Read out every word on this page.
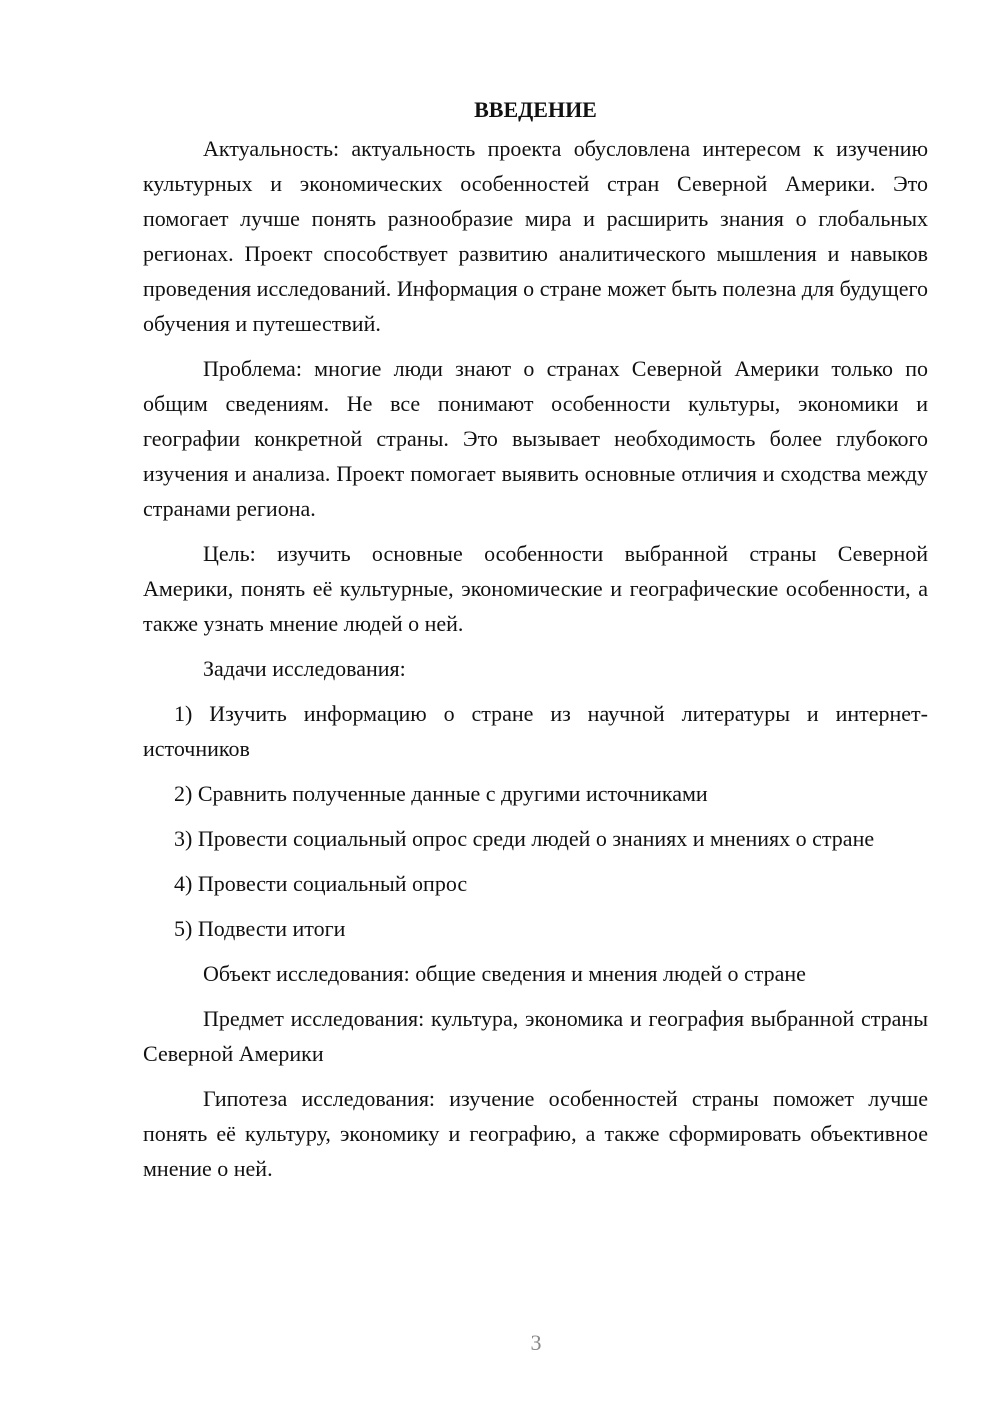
ВВЕДЕНИЕ

Актуальность: актуальность проекта обусловлена интересом к изучению культурных и экономических особенностей стран Северной Америки. Это помогает лучше понять разнообразие мира и расширить знания о глобальных регионах. Проект способствует развитию аналитического мышления и навыков проведения исследований. Информация о стране может быть полезна для будущего обучения и путешествий.

Проблема: многие люди знают о странах Северной Америки только по общим сведениям. Не все понимают особенности культуры, экономики и географии конкретной страны. Это вызывает необходимость более глубокого изучения и анализа. Проект помогает выявить основные отличия и сходства между странами региона.

Цель: изучить основные особенности выбранной страны Северной Америки, понять её культурные, экономические и географические особенности, а также узнать мнение людей о ней.

Задачи исследования:

1) Изучить информацию о стране из научной литературы и интернет-источников

2) Сравнить полученные данные с другими источниками

3) Провести социальный опрос среди людей о знаниях и мнениях о стране

4) Провести социальный опрос

5) Подвести итоги

Объект исследования: общие сведения и мнения людей о стране

Предмет исследования: культура, экономика и география выбранной страны Северной Америки

Гипотеза исследования: изучение особенностей страны поможет лучше понять её культуру, экономику и географию, а также сформировать объективное мнение о ней.

3
